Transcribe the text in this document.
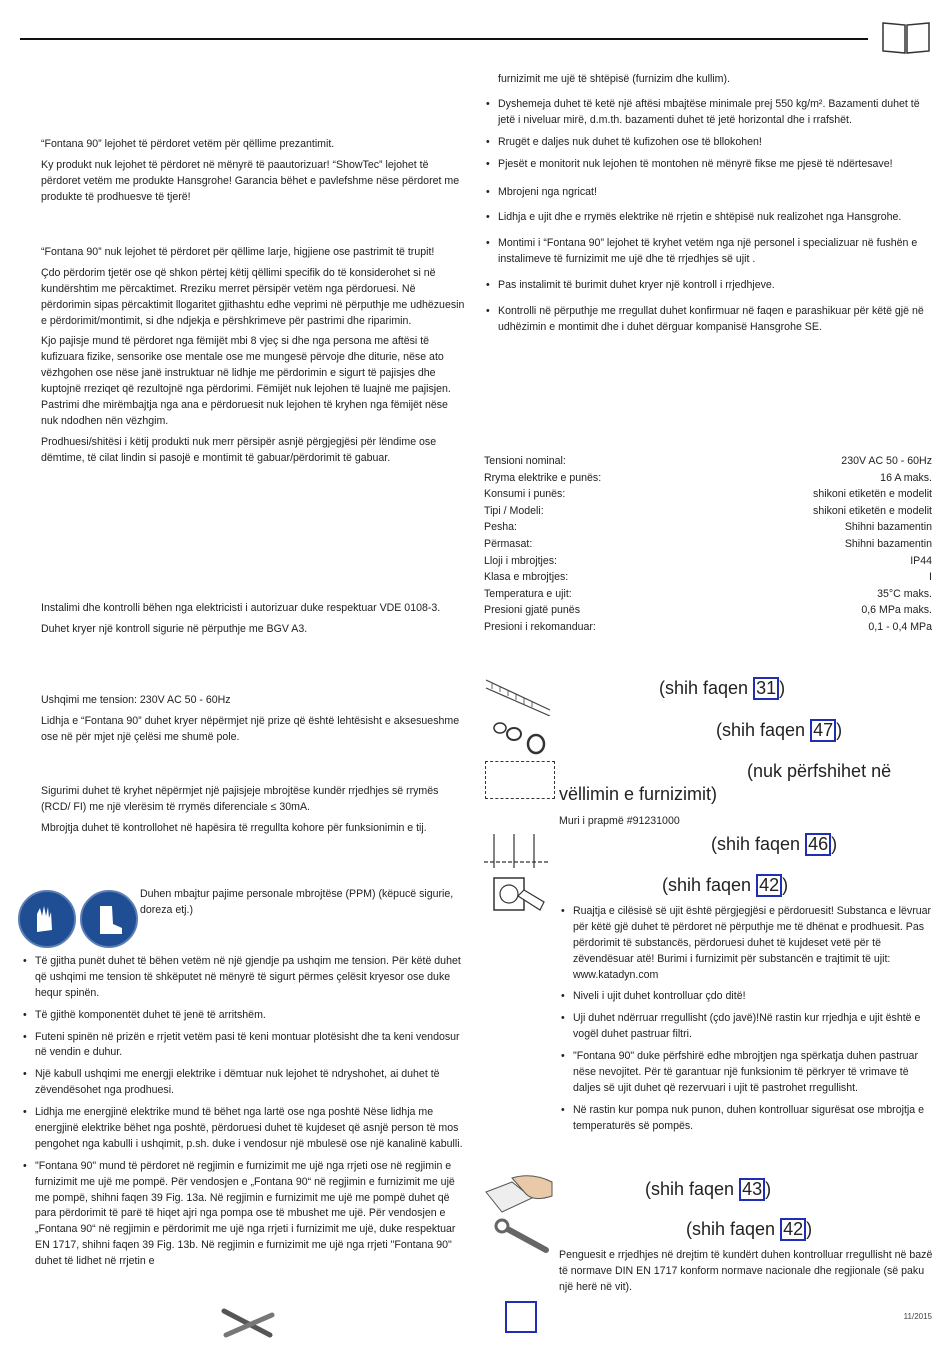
“Fontana 90” lejohet të përdoret vetëm për qëllime prezantimit.

Ky produkt nuk lejohet të përdoret në mënyrë të paautorizuar! “ShowTec” lejohet të përdoret vetëm me produkte Hansgrohe! Garancia bëhet e pavlefshme nëse përdoret me produkte të prodhuesve të tjerë!

“Fontana 90” nuk lejohet të përdoret për qëllime larje, higjiene ose pastrimit të trupit!

Çdo përdorim tjetër ose që shkon përtej këtij qëllimi specifik do të konsiderohet si në kundërshtim me përcaktimet. Rreziku merret përsipër vetëm nga përdoruesi. Në përdorimin sipas përcaktimit llogaritet gjithashtu edhe veprimi në përputhje me udhëzuesin e përdorimit/montimit, si dhe ndjekja e përshkrimeve për pastrimi dhe riparimin.

Kjo pajisje mund të përdoret nga fëmijët mbi 8 vjeç si dhe nga persona me aftësi të kufizuara fizike, sensorike ose mentale ose me mungesë përvoje dhe diturie, nëse ato vëzhgohen ose nëse janë instruktuar në lidhje me përdorimin e sigurt të pajisjes dhe kuptojnë rreziqet që rezultojnë nga përdorimi. Fëmijët nuk lejohen të luajnë me pajisjen. Pastrimi dhe mirëmbajtja nga ana e përdoruesit nuk lejohen të kryhen nga fëmijët nëse nuk ndodhen nën vëzhgim.

Prodhuesi/shitësi i këtij produkti nuk merr përsipër asnjë përgjegjësi për lëndime ose dëmtime, të cilat lindin si pasojë e montimit të gabuar/përdorimit të gabuar.

Instalimi dhe kontrolli bëhen nga elektricisti i autorizuar duke respektuar VDE 0108-3.

Duhet kryer një kontroll sigurie në përputhje me BGV A3.

Ushqimi me tension: 230V AC 50 - 60Hz

Lidhja e “Fontana 90” duhet kryer nëpërmjet një prize që është lehtësisht e aksesueshme ose në për mjet një çelësi me shumë pole.

Sigurimi duhet të kryhet nëpërmjet një pajisjeje mbrojtëse kundër rrjedhjes së rrymës (RCD/ FI) me një vlerësim të rrymës diferenciale ≤ 30mA.

Mbrojtja duhet të kontrollohet në hapësira të rregullta kohore për funksionimin e tij.

Duhen mbajtur pajime personale mbrojtëse (PPM) (këpucë sigurie, doreza etj.)

• Të gjitha punët duhet të bëhen vetëm në një gjendje pa ushqim me tension. Për këtë duhet që ushqimi me tension të shkëputet në mënyrë të sigurt përmes çelësit kryesor ose duke hequr spinën.
• Të gjithë komponentët duhet të jenë të arritshëm.
• Futeni spinën në prizën e rrjetit vetëm pasi të keni montuar plotësisht dhe ta keni vendosur në vendin e duhur.
• Një kabull ushqimi me energji elektrike i dëmtuar nuk lejohet të ndryshohet, ai duhet të zëvendësohet nga prodhuesi.
• Lidhja me energjinë elektrike mund të bëhet nga lartë ose nga poshtë Nëse lidhja me energjinë elektrike bëhet nga poshtë, përdoruesi duhet të kujdeset që asnjë person të mos pengohet nga kabulli i ushqimit, p.sh. duke i vendosur një mbulesë ose një kanalinë kabulli.
• "Fontana 90" mund të përdoret në regjimin e furnizimit me ujë nga rrjeti ose në regjimin e furnizimit me ujë me pompë. Për vendosjen e „Fontana 90“ në regjimin e furnizimit me ujë me pompë, shihni faqen 39 Fig. 13a. Në regjimin e furnizimit me ujë me pompë duhet që para përdorimit të parë të hiqet ajri nga pompa ose të mbushet me ujë. Për vendosjen e „Fontana 90“ në regjimin e përdorimit me ujë nga rrjeti i furnizimit me ujë, duke respektuar EN 1717, shihni faqen 39 Fig. 13b. Në regjimin e furnizimit me ujë nga rrjeti "Fontana 90" duhet të lidhet në rrjetin e

furnizimit me ujë të shtëpisë (furnizim dhe kullim).

• Dyshemeja duhet të ketë një aftësi mbajtëse minimale prej 550 kg/m². Bazamenti duhet të jetë i niveluar mirë, d.m.th. bazamenti duhet të jetë horizontal dhe i rrafshët.
• Rrugët e daljes nuk duhet të kufizohen ose të bllokohen!
• Pjesët e monitorit nuk lejohen të montohen në mënyrë fikse me pjesë të ndërtesave!
• Mbrojeni nga ngricat!
• Lidhja e ujit dhe e rrymës elektrike në rrjetin e shtëpisë nuk realizohet nga Hansgrohe.
• Montimi i “Fontana 90” lejohet të kryhet vetëm nga një personel i specializuar në fushën e instalimeve të furnizimit me ujë dhe të rrjedhjes së ujit .
• Pas instalimit të burimit duhet kryer një kontroll i rrjedhjeve.
• Kontrolli në përputhje me rregullat duhet konfirmuar në faqen e parashikuar për këtë gjë në udhëzimin e montimit dhe i duhet dërguar kompanisë Hansgrohe SE.
Tensioni nominal:	230V AC 50 - 60Hz
Rryma elektrike e punës:	16 A maks.
Konsumi i punës:	shikoni etiketën e modelit
Tipi / Modeli:	shikoni etiketën e modelit
Pesha:	Shihni bazamentin
Përmasat:	Shihni bazamentin
Lloji i mbrojtjes:	IP44
Klasa e mbrojtjes:	I
Temperatura e ujit:	35°C maks.
Presioni gjatë punës	0,6 MPa maks.
Presioni i rekomanduar:	0,1 - 0,4 MPa
(shih faqen 31 )
(shih faqen 47 )
(nuk përfshihet në
vëllimin e furnizimit)
Muri i prapmë #91231000
(shih faqen 46 )
(shih faqen 42 )
• Ruajtja e cilësisë së ujit është përgjegjësi e përdoruesit! Substanca e lëvruar për këtë gjë duhet të përdoret në përputhje me të dhënat e prodhuesit. Pas përdorimit të substancës, përdoruesi duhet të kujdeset vetë për të zëvendësuar atë! Burimi i furnizimit për substancën e trajtimit të ujit: www.katadyn.com
• Niveli i ujit duhet kontrolluar çdo ditë!
• Uji duhet ndërruar rregullisht (çdo javë)!Në rastin kur rrjedhja e ujit është e vogël duhet pastruar filtri.
• "Fontana 90" duke përfshirë edhe mbrojtjen nga spërkatja duhen pastruar nëse nevojitet. Për të garantuar një funksionim të përkryer të vrimave të daljes së ujit duhet që rezervuari i ujit të pastrohet rregullisht.
• Në rastin kur pompa nuk punon, duhen kontrolluar sigurësat ose mbrojtja e temperaturës së pompës.
(shih faqen 43 )
(shih faqen 42 )

Penguesit e rrjedhjes në drejtim të kundërt duhen kontrolluar rregullisht në bazë të normave DIN EN 1717 konform normave nacionale dhe regjionale (së paku një herë në vit).

11/2015
